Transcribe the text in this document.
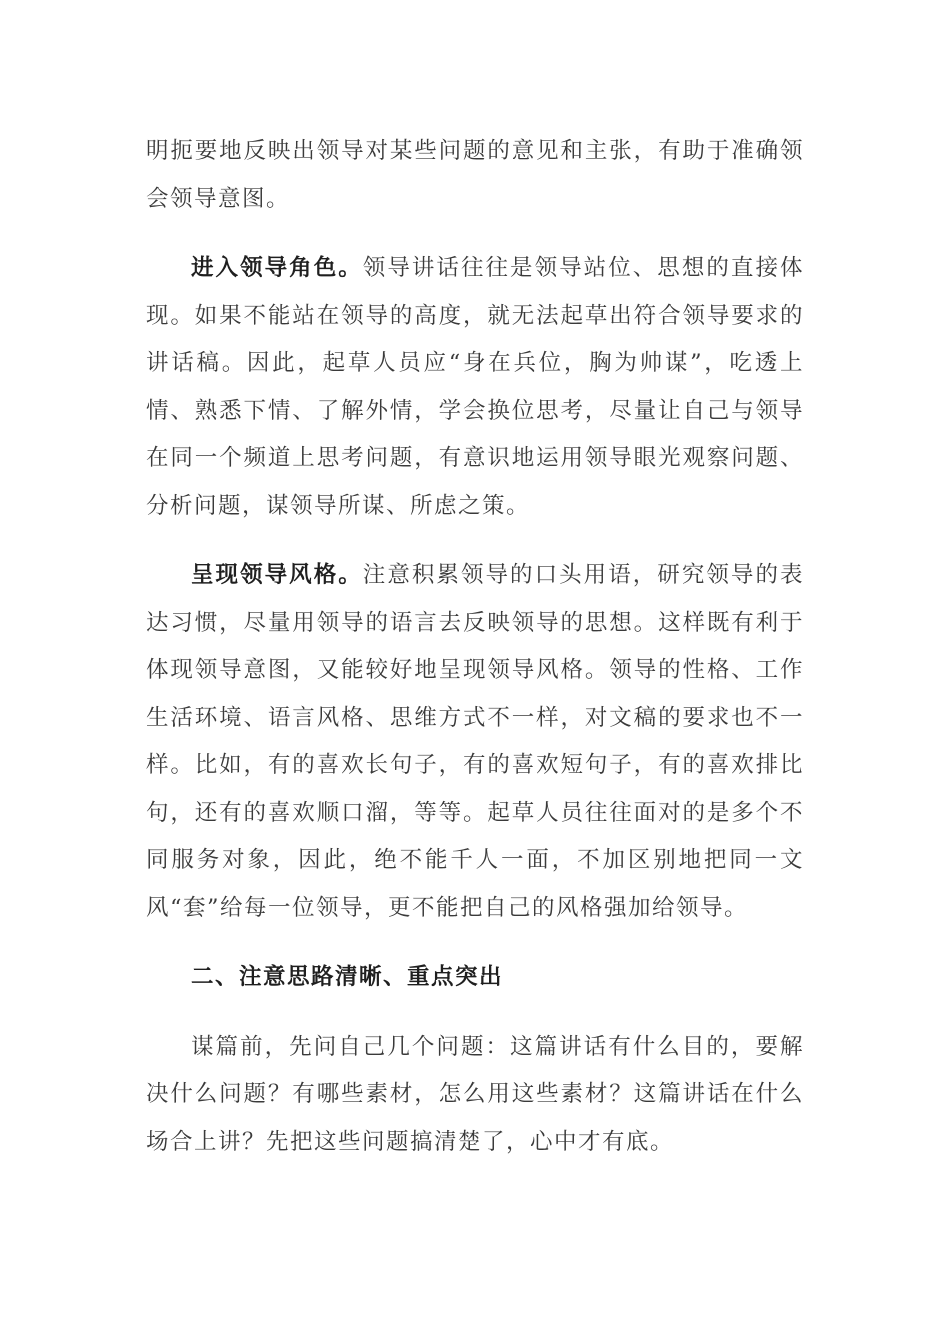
明扼要地反映出领导对某些问题的意见和主张，有助于准确领会领导意图。

进入领导角色。领导讲话往往是领导站位、思想的直接体现。如果不能站在领导的高度，就无法起草出符合领导要求的讲话稿。因此，起草人员应“身在兵位，胸为帅谋”，吃透上情、熟悉下情、了解外情，学会换位思考，尽量让自己与领导在同一个频道上思考问题，有意识地运用领导眼光观察问题、分析问题，谋领导所谋、所虑之策。

呈现领导风格。注意积累领导的口头用语，研究领导的表达习惯，尽量用领导的语言去反映领导的思想。这样既有利于体现领导意图，又能较好地呈现领导风格。领导的性格、工作生活环境、语言风格、思维方式不一样，对文稿的要求也不一样。比如，有的喜欢长句子，有的喜欢短句子，有的喜欢排比句，还有的喜欢顺口溜，等等。起草人员往往面对的是多个不同服务对象，因此，绝不能千人一面，不加区别地把同一文风“套”给每一位领导，更不能把自己的风格强加给领导。

二、注意思路清晰、重点突出

谋篇前，先问自己几个问题：这篇讲话有什么目的，要解决什么问题？有哪些素材，怎么用这些素材？这篇讲话在什么场合上讲？先把这些问题搞清楚了，心中才有底。
